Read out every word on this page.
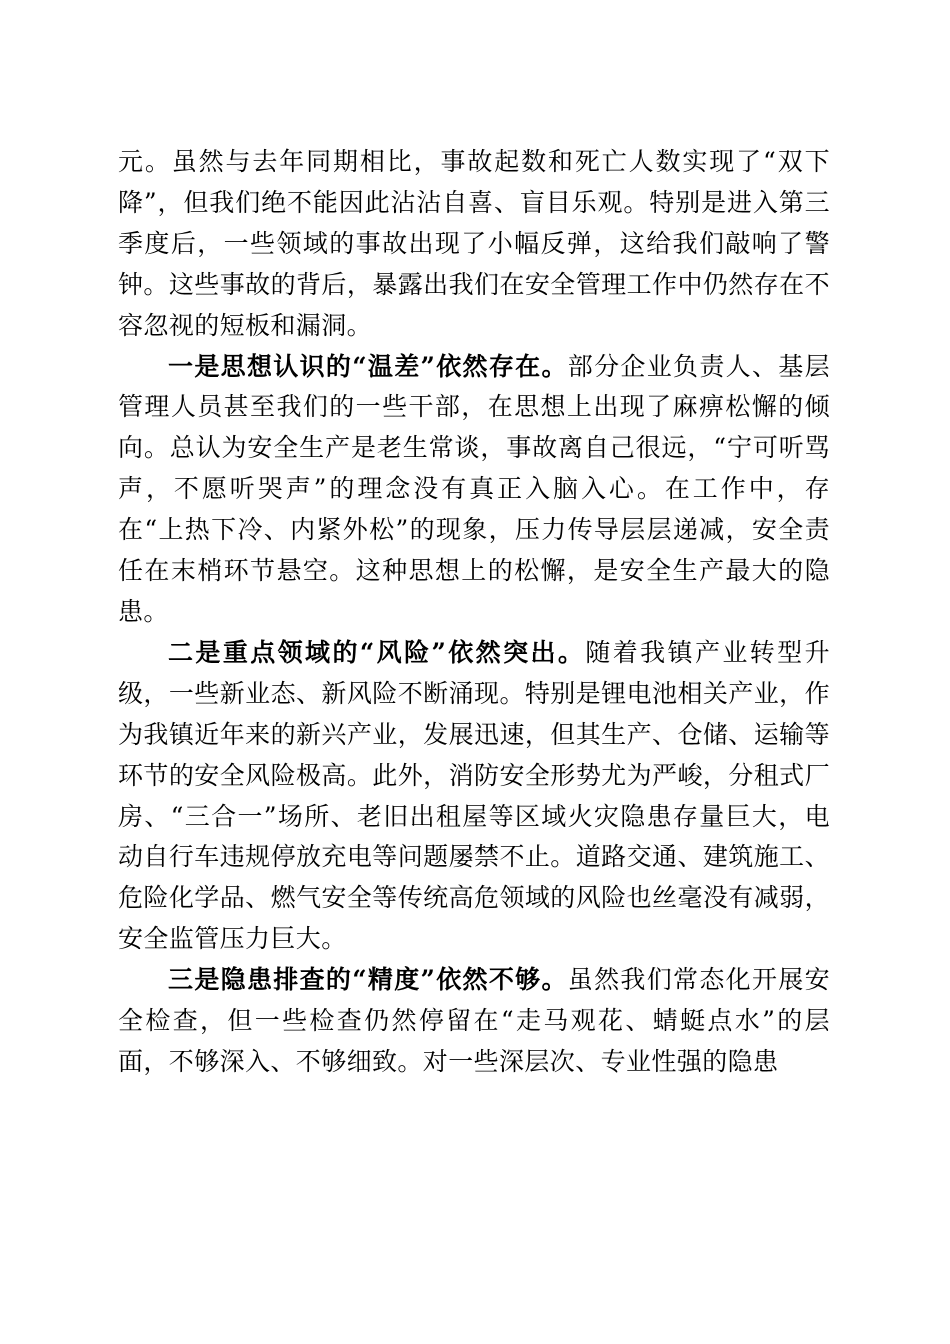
元。虽然与去年同期相比，事故起数和死亡人数实现了“双下降”，但我们绝不能因此沾沾自喜、盲目乐观。特别是进入第三季度后，一些领域的事故出现了小幅反弹，这给我们敲响了警钟。这些事故的背后，暴露出我们在安全管理工作中仍然存在不容忽视的短板和漏洞。

一是思想认识的“温差”依然存在。部分企业负责人、基层管理人员甚至我们的一些干部，在思想上出现了麻痹松懈的倾向。总认为安全生产是老生常谈，事故离自己很远，“宁可听骂声，不愿听哭声”的理念没有真正入脑入心。在工作中，存在“上热下冷、内紧外松”的现象，压力传导层层递减，安全责任在末梢环节悬空。这种思想上的松懈，是安全生产最大的隐患。

二是重点领域的“风险”依然突出。随着我镇产业转型升级，一些新业态、新风险不断涌现。特别是锂电池相关产业，作为我镇近年来的新兴产业，发展迅速，但其生产、仓储、运输等环节的安全风险极高。此外，消防安全形势尤为严峻，分租式厂房、“三合一”场所、老旧出租屋等区域火灾隐患存量巨大，电动自行车违规停放充电等问题屡禁不止。道路交通、建筑施工、危险化学品、燃气安全等传统高危领域的风险也丝毫没有减弱，安全监管压力巨大。

三是隐患排查的“精度”依然不够。虽然我们常态化开展安全检查，但一些检查仍然停留在“走马观花、蜻蜓点水”的层面，不够深入、不够细致。对一些深层次、专业性强的隐患
